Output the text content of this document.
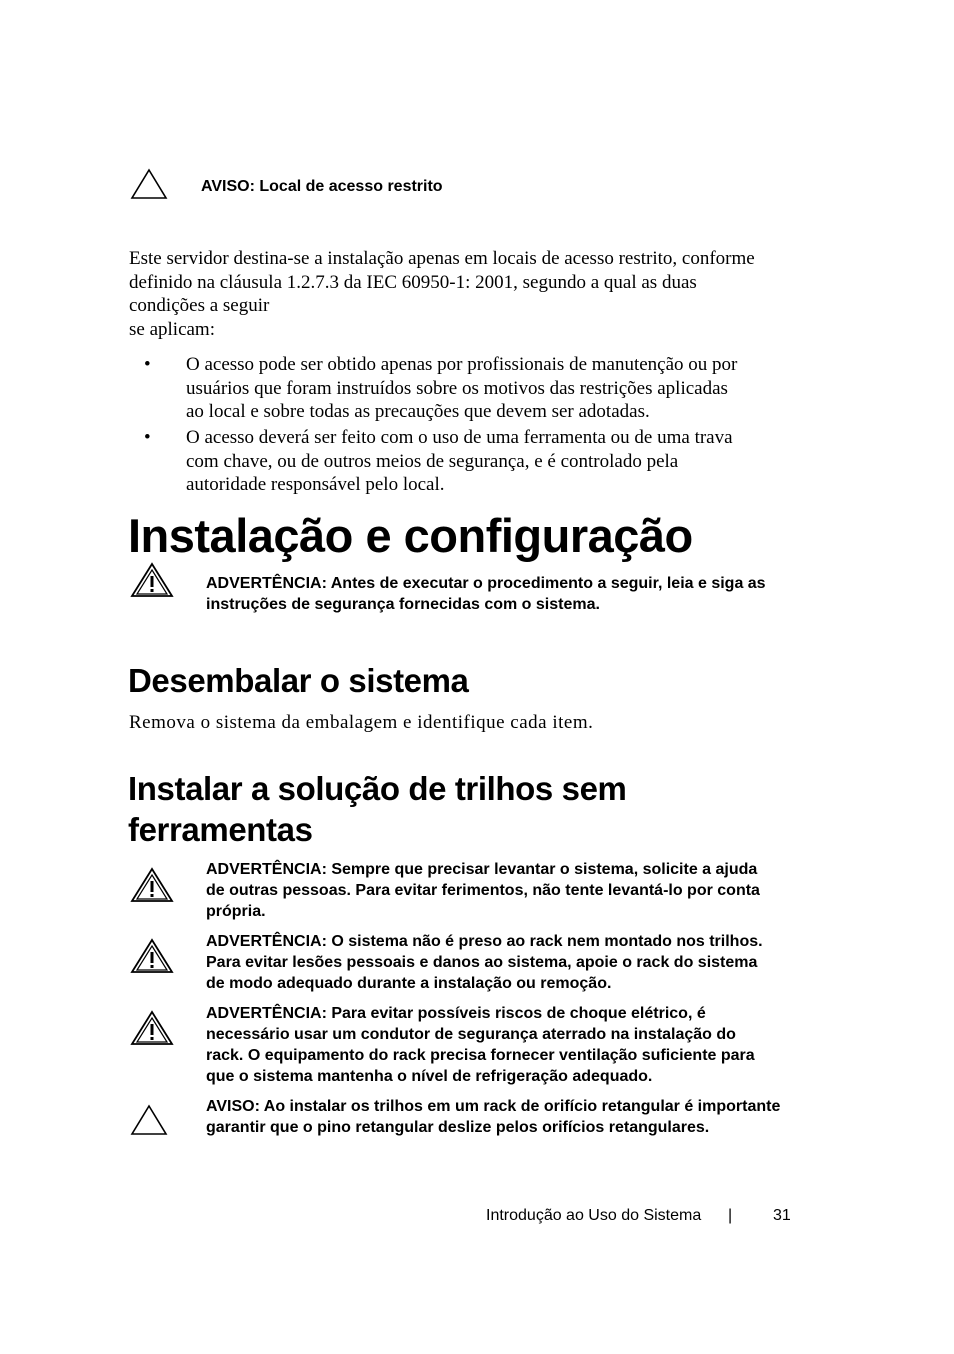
AVISO: Local de acesso restrito
Este servidor destina-se a instalação apenas em locais de acesso restrito, conforme
definido na cláusula 1.2.7.3 da IEC 60950-1: 2001, segundo a qual as duas
condições a seguir
se aplicam:
• O acesso pode ser obtido apenas por profissionais de manutenção ou por
usuários que foram instruídos sobre os motivos das restrições aplicadas
ao local e sobre todas as precauções que devem ser adotadas.
• O acesso deverá ser feito com o uso de uma ferramenta ou de uma trava
com chave, ou de outros meios de segurança, e é controlado pela
autoridade responsável pelo local.
Instalação e configuração
ADVERTÊNCIA: Antes de executar o procedimento a seguir, leia e siga as
instruções de segurança fornecidas com o sistema.
Desembalar o sistema
Remova o sistema da embalagem e identifique cada item.
Instalar a solução de trilhos sem
ferramentas
ADVERTÊNCIA: Sempre que precisar levantar o sistema, solicite a ajuda
de outras pessoas. Para evitar ferimentos, não tente levantá-lo por conta
própria.
ADVERTÊNCIA: O sistema não é preso ao rack nem montado nos trilhos.
Para evitar lesões pessoais e danos ao sistema, apoie o rack do sistema
de modo adequado durante a instalação ou remoção.
ADVERTÊNCIA: Para evitar possíveis riscos de choque elétrico, é
necessário usar um condutor de segurança aterrado na instalação do
rack. O equipamento do rack precisa fornecer ventilação suficiente para
que o sistema mantenha o nível de refrigeração adequado.
AVISO: Ao instalar os trilhos em um rack de orifício retangular é importante
garantir que o pino retangular deslize pelos orifícios retangulares.
Introdução ao Uso do Sistema |	31
